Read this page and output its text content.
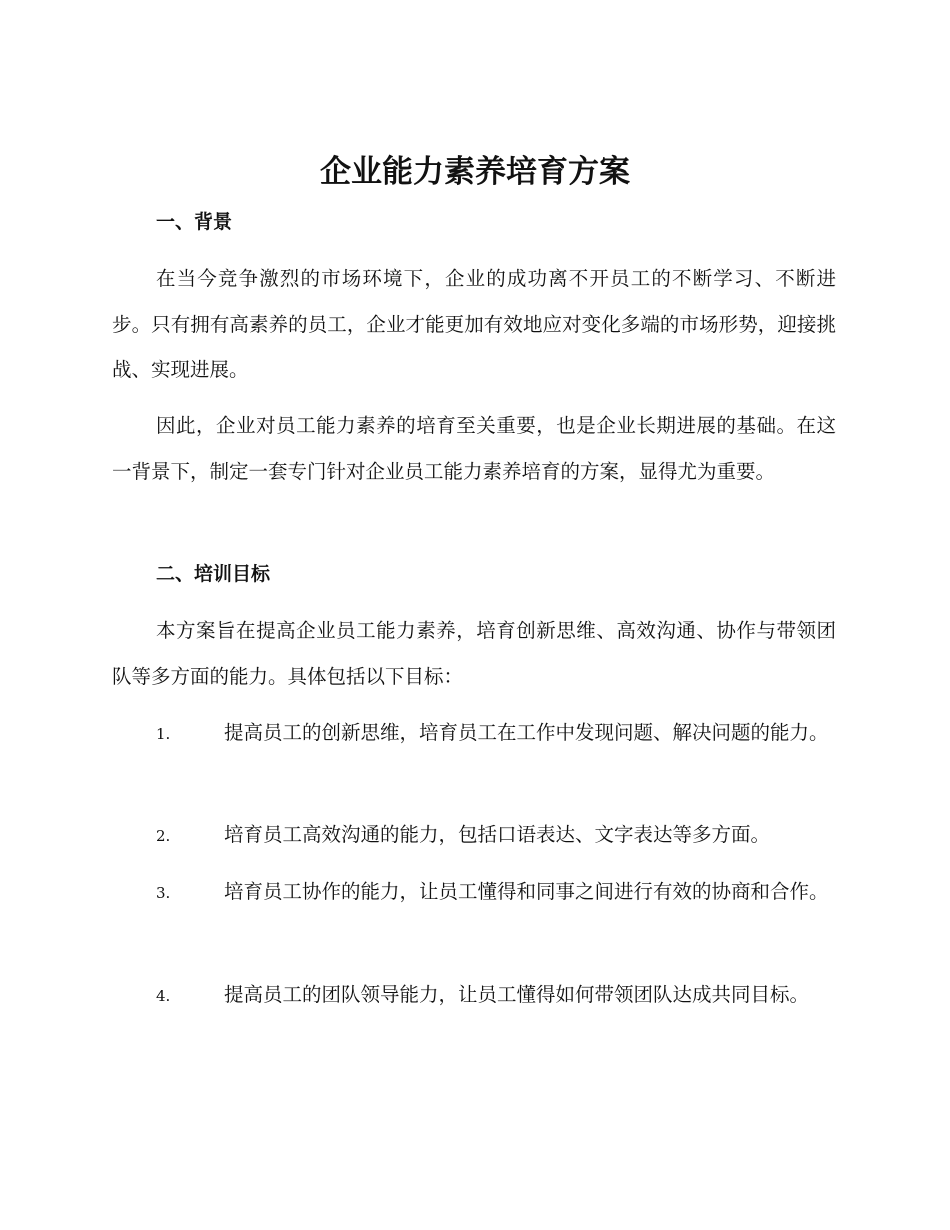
企业能力素养培育方案
一、背景

在当今竞争激烈的市场环境下，企业的成功离不开员工的不断学习、不断进步。只有拥有高素养的员工，企业才能更加有效地应对变化多端的市场形势，迎接挑战、实现进展。

因此，企业对员工能力素养的培育至关重要，也是企业长期进展的基础。在这一背景下，制定一套专门针对企业员工能力素养培育的方案，显得尤为重要。

二、培训目标

本方案旨在提高企业员工能力素养，培育创新思维、高效沟通、协作与带领团队等多方面的能力。具体包括以下目标：

1.	提高员工的创新思维，培育员工在工作中发现问题、解决问题的能力。

2.	培育员工高效沟通的能力，包括口语表达、文字表达等多方面。

3.	培育员工协作的能力，让员工懂得和同事之间进行有效的协商和合作。

4.	提高员工的团队领导能力，让员工懂得如何带领团队达成共同目标。
